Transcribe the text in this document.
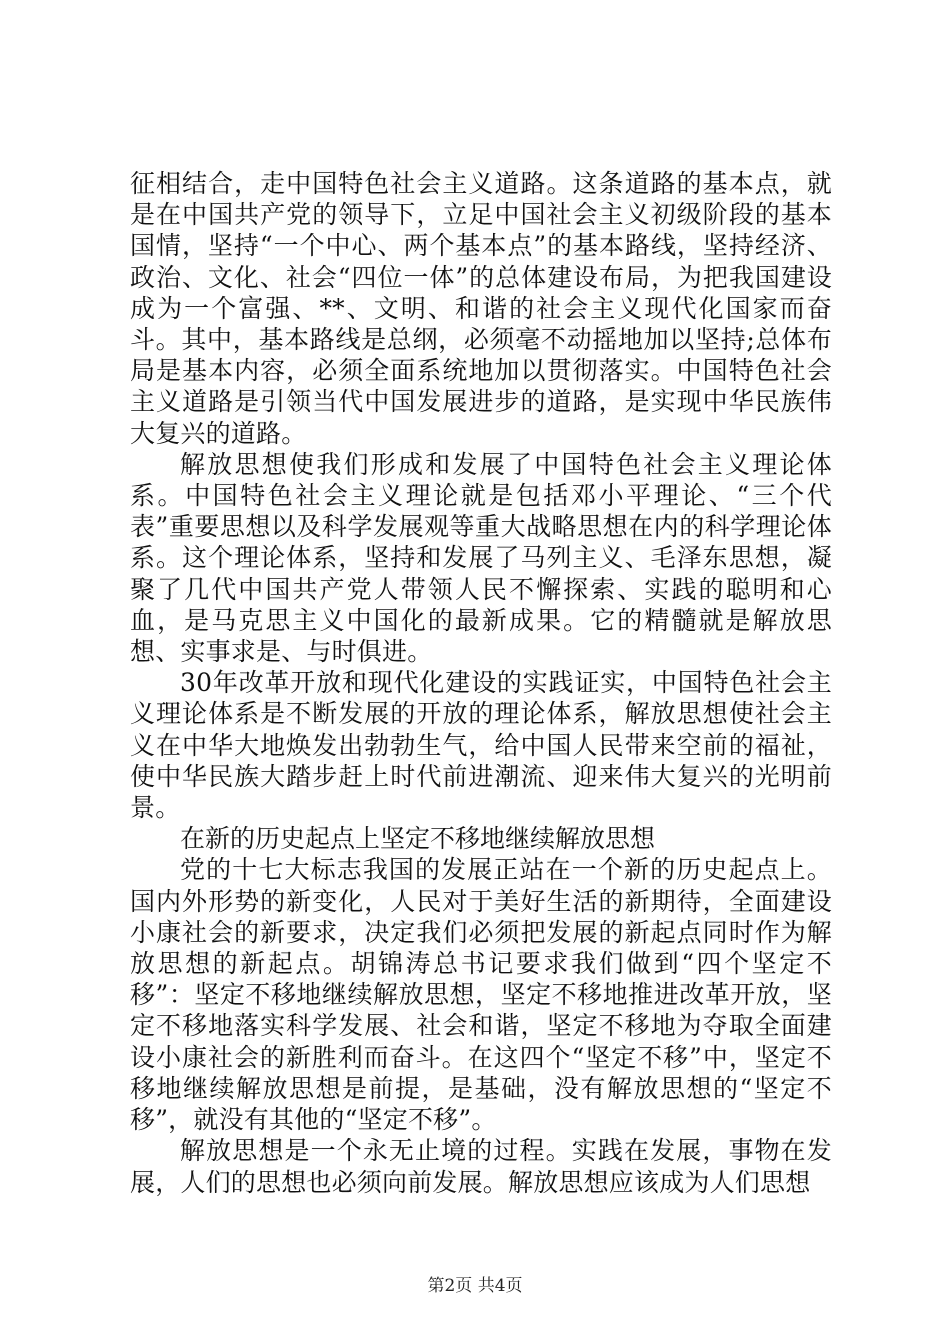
征相结合，走中国特色社会主义道路。这条道路的基本点，就是在中国共产党的领导下，立足中国社会主义初级阶段的基本国情，坚持“一个中心、两个基本点”的基本路线，坚持经济、政治、文化、社会“四位一体”的总体建设布局，为把我国建设成为一个富强、**、文明、和谐的社会主义现代化国家而奋斗。其中，基本路线是总纲，必须毫不动摇地加以坚持;总体布局是基本内容，必须全面系统地加以贯彻落实。中国特色社会主义道路是引领当代中国发展进步的道路，是实现中华民族伟大复兴的道路。

解放思想使我们形成和发展了中国特色社会主义理论体系。中国特色社会主义理论就是包括邓小平理论、“三个代表”重要思想以及科学发展观等重大战略思想在内的科学理论体系。这个理论体系，坚持和发展了马列主义、毛泽东思想，凝聚了几代中国共产党人带领人民不懈探索、实践的聪明和心血，是马克思主义中国化的最新成果。它的精髓就是解放思想、实事求是、与时俱进。

30年改革开放和现代化建设的实践证实，中国特色社会主义理论体系是不断发展的开放的理论体系，解放思想使社会主义在中华大地焕发出勃勃生气，给中国人民带来空前的福祉，使中华民族大踏步赶上时代前进潮流、迎来伟大复兴的光明前景。

在新的历史起点上坚定不移地继续解放思想

党的十七大标志我国的发展正站在一个新的历史起点上。国内外形势的新变化，人民对于美好生活的新期待，全面建设小康社会的新要求，决定我们必须把发展的新起点同时作为解放思想的新起点。胡锦涛总书记要求我们做到“四个坚定不移”：坚定不移地继续解放思想，坚定不移地推进改革开放，坚定不移地落实科学发展、社会和谐，坚定不移地为夺取全面建设小康社会的新胜利而奋斗。在这四个“坚定不移”中，坚定不移地继续解放思想是前提，是基础，没有解放思想的“坚定不移”，就没有其他的“坚定不移”。

解放思想是一个永无止境的过程。实践在发展，事物在发展，人们的思想也必须向前发展。解放思想应该成为人们思想

第2页 共4页
